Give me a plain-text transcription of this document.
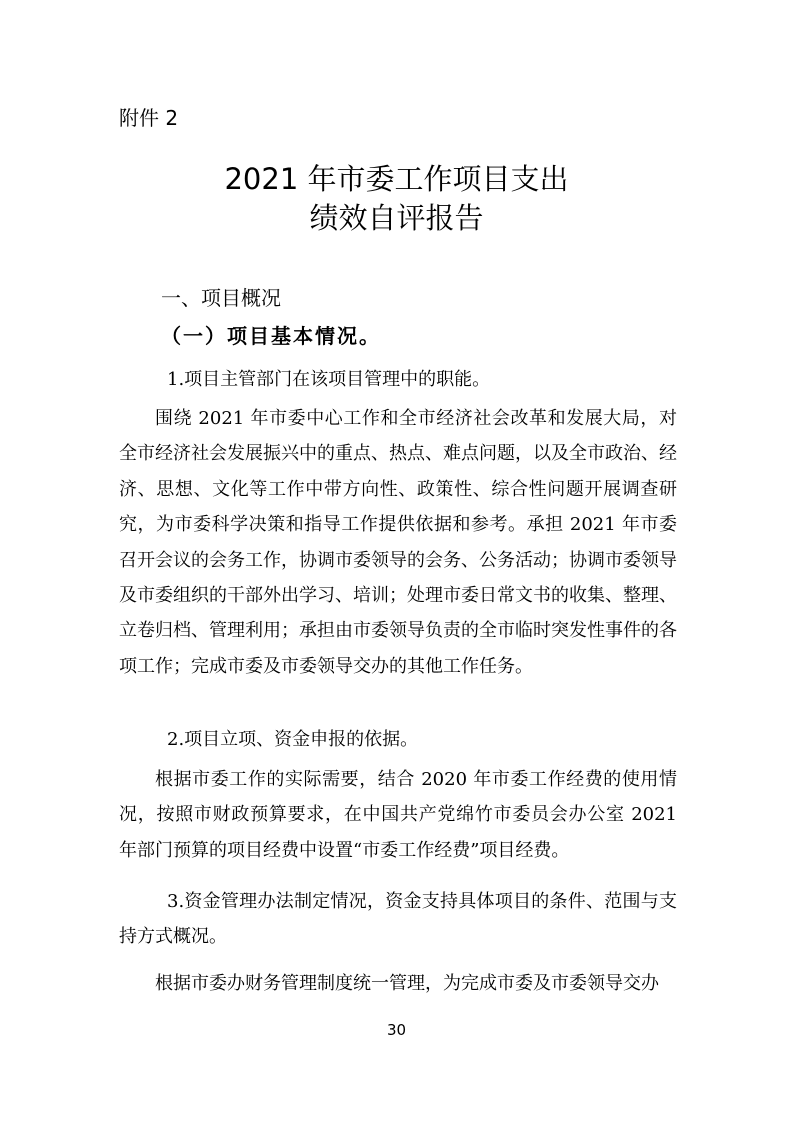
附件 2
2021 年市委工作项目支出
绩效自评报告
一、项目概况
（一）项目基本情况。
1.项目主管部门在该项目管理中的职能。

围绕 2021 年市委中心工作和全市经济社会改革和发展大局，对全市经济社会发展振兴中的重点、热点、难点问题，以及全市政治、经济、思想、文化等工作中带方向性、政策性、综合性问题开展调查研究，为市委科学决策和指导工作提供依据和参考。承担 2021 年市委召开会议的会务工作，协调市委领导的会务、公务活动；协调市委领导及市委组织的干部外出学习、培训；处理市委日常文书的收集、整理、立卷归档、管理利用；承担由市委领导负责的全市临时突发性事件的各项工作；完成市委及市委领导交办的其他工作任务。

2.项目立项、资金申报的依据。

根据市委工作的实际需要，结合 2020 年市委工作经费的使用情况，按照市财政预算要求，在中国共产党绵竹市委员会办公室 2021 年部门预算的项目经费中设置“市委工作经费”项目经费。

3.资金管理办法制定情况，资金支持具体项目的条件、范围与支持方式概况。

根据市委办财务管理制度统一管理，为完成市委及市委领导交办

30
